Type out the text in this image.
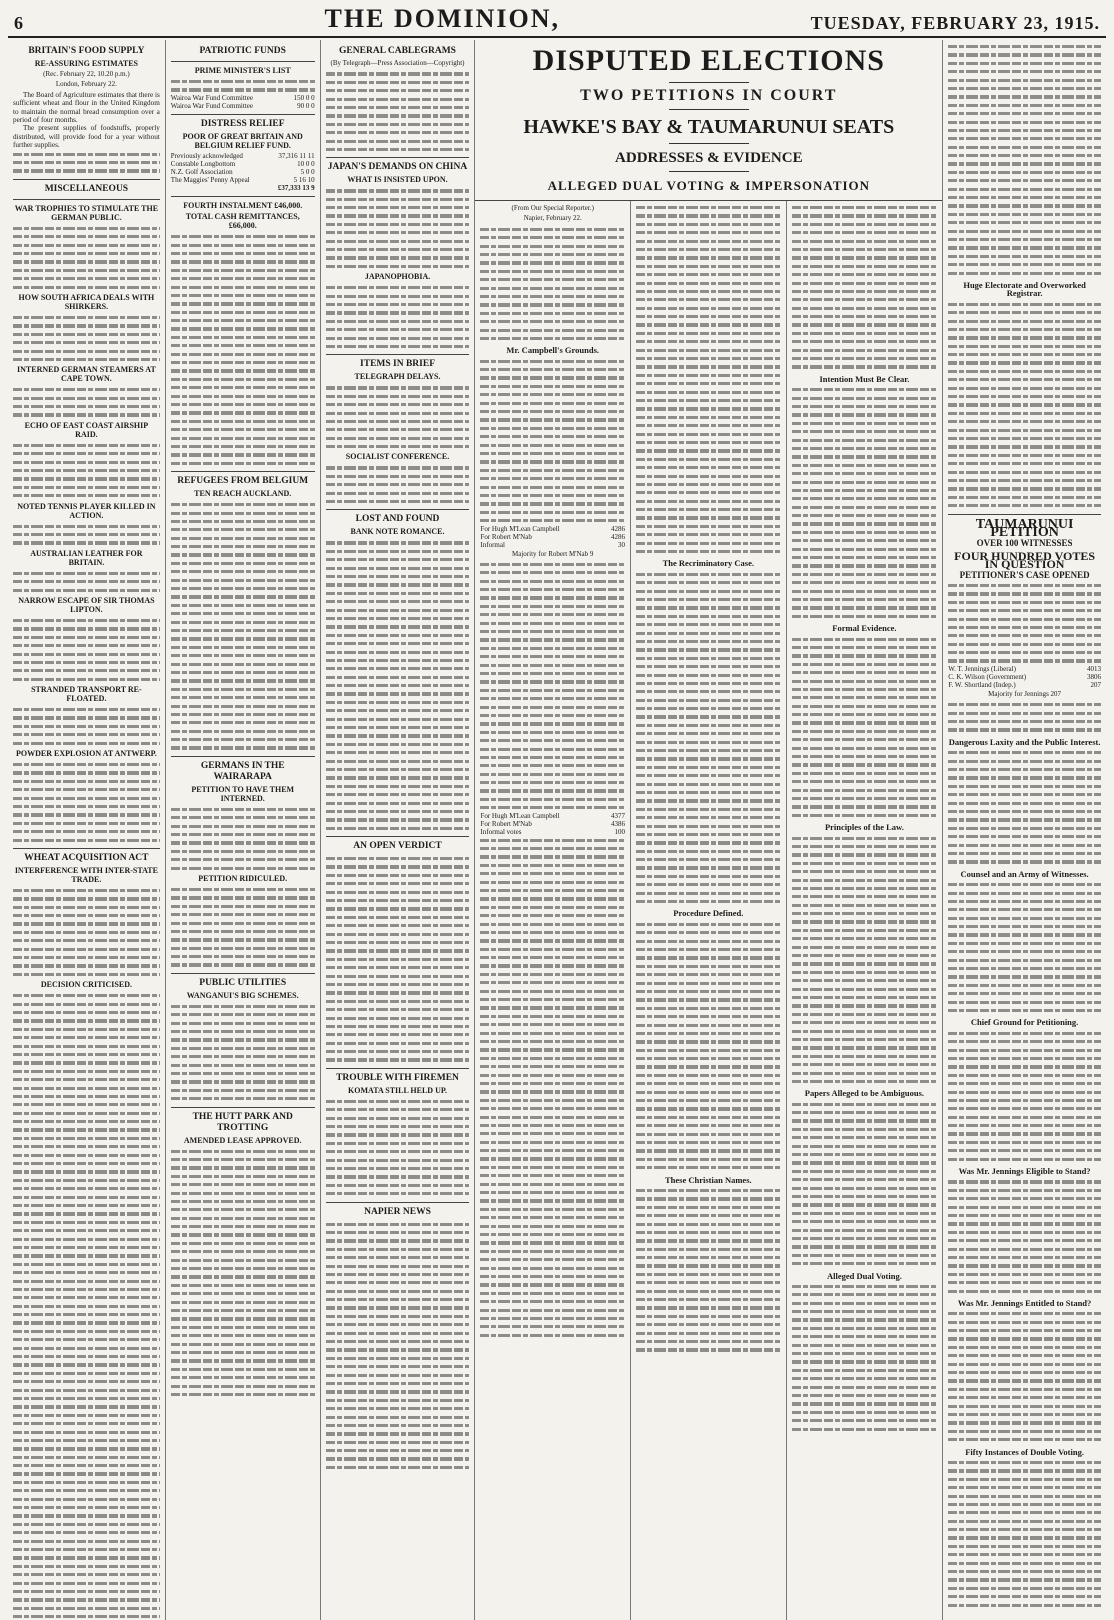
6	THE DOMINION,	TUESDAY, FEBRUARY 23, 1915.
BRITAIN'S FOOD SUPPLY
RE-ASSURING ESTIMATES
(Rec. February 22, 10.20 p.m.)
London, February 22.

The Board of Agriculture estimates that there is sufficient wheat and flour in the United Kingdom to maintain the normal bread consumption over a period of four months.

The present supplies of foodstuffs, properly distributed, will provide food for a year without further supplies.

MISCELLANEOUS
WAR TROPHIES TO STIMULATE THE GERMAN PUBLIC.
HOW SOUTH AFRICA DEALS WITH SHIRKERS.
INTERNED GERMAN STEAMERS AT CAPE TOWN.
ECHO OF EAST COAST AIRSHIP RAID.
NOTED TENNIS PLAYER KILLED IN ACTION.
AUSTRALIAN LEATHER FOR BRITAIN.
NARROW ESCAPE OF SIR THOMAS LIPTON.
STRANDED TRANSPORT RE-FLOATED.
POWDER EXPLOSION AT ANTWERP.
WHEAT ACQUISITION ACT
INTERFERENCE WITH INTER-STATE TRADE.
DECISION CRITICISED.
PATRIOTIC FUNDS
PRIME MINISTER'S LIST
Wairoa War Fund Committee	150 0 0
Wairoa War Fund Committee	90 0 0
DISTRESS RELIEF
POOR OF GREAT BRITAIN AND BELGIUM RELIEF FUND.
Previously acknowledged	37,316 11 11
Constable Longbottom	10 0 0
N.Z. Golf Association	5 0 0
The Maggies' Penny Appeal	5 16 10
£37,333 13 9
FOURTH INSTALMENT £46,000.
TOTAL CASH REMITTANCES, £66,000.
REFUGEES FROM BELGIUM
TEN REACH AUCKLAND.
GERMANS IN THE WAIRARAPA
PETITION TO HAVE THEM INTERNED.
PETITION RIDICULED.
PUBLIC UTILITIES
WANGANUI'S BIG SCHEMES.
THE HUTT PARK AND TROTTING
AMENDED LEASE APPROVED.
GENERAL CABLEGRAMS
(By Telegraph—Press Association—Copyright)
JAPAN'S DEMANDS ON CHINA
WHAT IS INSISTED UPON.
JAPANOPHOBIA.
ITEMS IN BRIEF
TELEGRAPH DELAYS.
SOCIALIST CONFERENCE.
LOST AND FOUND
BANK NOTE ROMANCE.
AN OPEN VERDICT
TROUBLE WITH FIREMEN
KOMATA STILL HELD UP.
NAPIER NEWS
DISPUTED ELECTIONS
TWO PETITIONS IN COURT
HAWKE'S BAY & TAUMARUNUI SEATS
ADDRESSES & EVIDENCE
ALLEGED DUAL VOTING & IMPERSONATION
(From Our Special Reporter.)
Napier, February 22.
Mr. Campbell's Grounds.
For Hugh M'Lean Campbell	4286
For Robert M'Nab	4286
Informal	30
Majority for Robert M'Nab 9
For Hugh M'Lean Campbell	4377
For Robert M'Nab	4386
Informal votes	100
The Recriminatory Case.
Procedure Defined.
These Christian Names.
Intention Must Be Clear.
Formal Evidence.
Principles of the Law.
Papers Alleged to be Ambiguous.
Alleged Dual Voting.
Huge Electorate and Overworked Registrar.
TAUMARUNUI PETITION
OVER 100 WITNESSES
FOUR HUNDRED VOTES IN QUESTION
PETITIONER'S CASE OPENED
W. T. Jennings (Liberal)	4013
C. K. Wilson (Government)	3806
F. W. Shortland (Indep.)	207
Majority for Jennings 207
Dangerous Laxity and the Public Interest.
Counsel and an Army of Witnesses.
Chief Ground for Petitioning.
Was Mr. Jennings Eligible to Stand?
Was Mr. Jennings Entitled to Stand?
Fifty Instances of Double Voting.
